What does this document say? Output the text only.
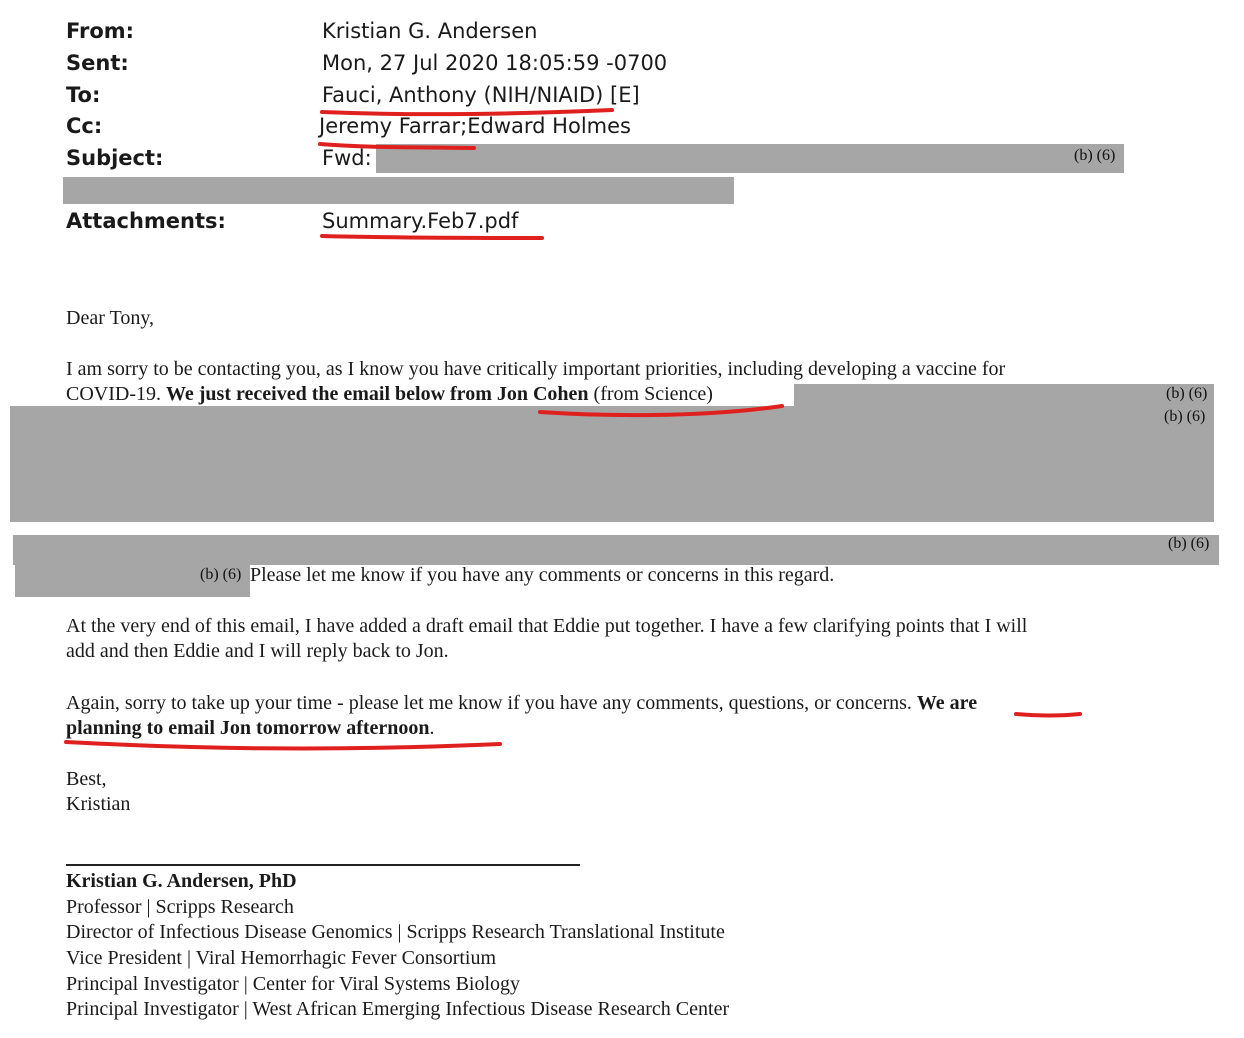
From:	Kristian G. Andersen
Sent:	Mon, 27 Jul 2020 18:05:59 -0700
To:	Fauci, Anthony (NIH/NIAID) [E]
Cc:	Jeremy Farrar;Edward Holmes
Subject:	Fwd:	(b) (6)
Attachments:	Summary.Feb7.pdf
Dear Tony,
I am sorry to be contacting you, as I know you have critically important priorities, including developing a vaccine for
COVID-19. We just received the email below from Jon Cohen (from Science)	(b) (6)
(b) (6)
(b) (6)
(b) (6) Please let me know if you have any comments or concerns in this regard.
At the very end of this email, I have added a draft email that Eddie put together. I have a few clarifying points that I will
add and then Eddie and I will reply back to Jon.
Again, sorry to take up your time - please let me know if you have any comments, questions, or concerns. We are
planning to email Jon tomorrow afternoon.
Best,
Kristian
Kristian G. Andersen, PhD
Professor | Scripps Research
Director of Infectious Disease Genomics | Scripps Research Translational Institute
Vice President | Viral Hemorrhagic Fever Consortium
Principal Investigator | Center for Viral Systems Biology
Principal Investigator | West African Emerging Infectious Disease Research Center
